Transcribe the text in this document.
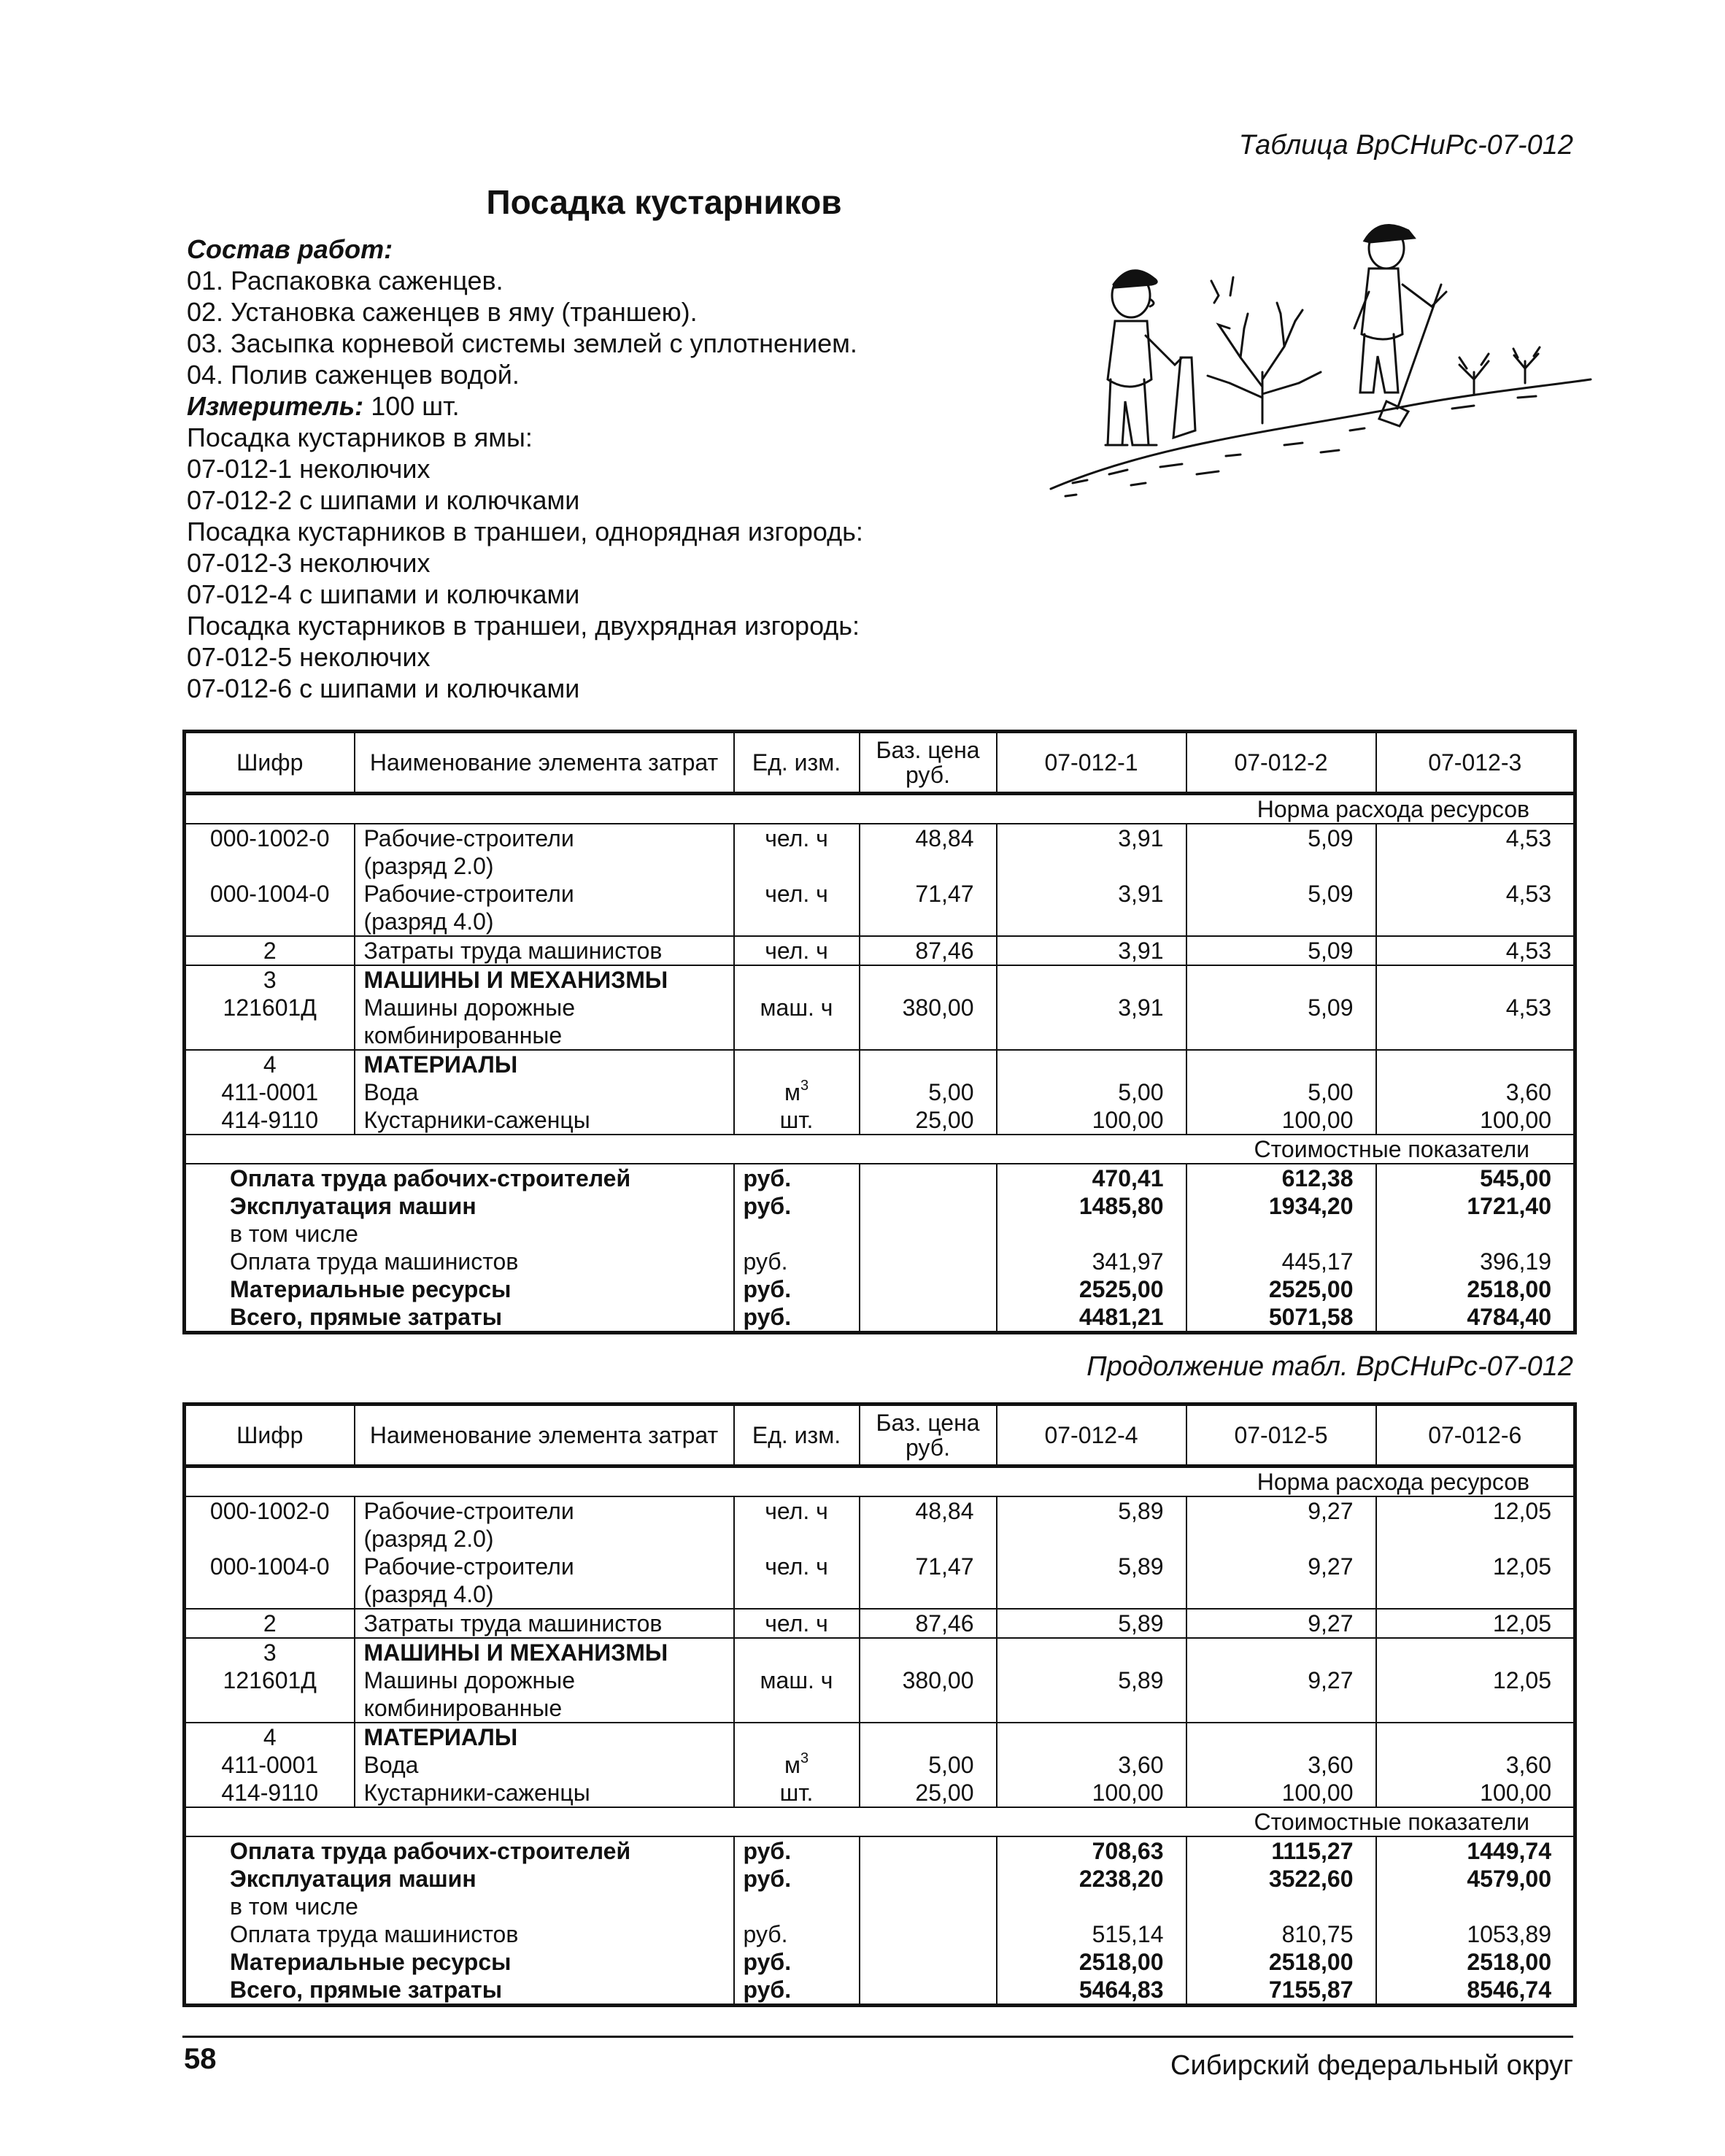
Таблица ВрСНиРс-07-012
Посадка кустарников
Состав работ:
01. Распаковка саженцев.
02. Установка саженцев в яму (траншею).
03. Засыпка корневой системы землей с уплотнением.
04. Полив саженцев водой.
Измеритель: 100 шт.
Посадка кустарников в ямы:
07-012-1 неколючих
07-012-2 с шипами и колючками
Посадка кустарников в траншеи, однорядная изгородь:
07-012-3 неколючих
07-012-4 с шипами и колючками
Посадка кустарников в траншеи, двухрядная изгородь:
07-012-5 неколючих
07-012-6 с шипами и колючками
Шифр	Наименование элемента затрат	Ед. изм.	Баз. цена руб.	07-012-1	07-012-2	07-012-3
Норма расхода ресурсов						
000-1002-0	Рабочие-строители
(разряд 2.0)	чел. ч	48,84	3,91	5,09	4,53
000-1004-0	Рабочие-строители
(разряд 4.0)	чел. ч	71,47	3,91	5,09	4,53
2	Затраты труда машинистов	чел. ч	87,46	3,91	5,09	4,53
3	МАШИНЫ И МЕХАНИЗМЫ					
121601Д	Машины дорожные
комбинированные	маш. ч	380,00	3,91	5,09	4,53
4	МАТЕРИАЛЫ					
411-0001	Вода	$м^3$	5,00	5,00	5,00	3,60
414-9110	Кустарники-саженцы	шт.	25,00	100,00	100,00	100,00
Стоимостные показатели						
Оплата труда рабочих-строителей		руб.		470,41	612,38	545,00
Эксплуатация машин		руб.		1485,80	1934,20	1721,40
в том числе						
Оплата труда машинистов		руб.		341,97	445,17	396,19
Материальные ресурсы		руб.		2525,00	2525,00	2518,00
Всего, прямые затраты		руб.		4481,21	5071,58	4784,40
Продолжение табл. ВрСНиРс-07-012
Шифр	Наименование элемента затрат	Ед. изм.	Баз. цена руб.	07-012-4	07-012-5	07-012-6
Норма расхода ресурсов						
000-1002-0	Рабочие-строители
(разряд 2.0)	чел. ч	48,84	5,89	9,27	12,05
000-1004-0	Рабочие-строители
(разряд 4.0)	чел. ч	71,47	5,89	9,27	12,05
2	Затраты труда машинистов	чел. ч	87,46	5,89	9,27	12,05
3	МАШИНЫ И МЕХАНИЗМЫ					
121601Д	Машины дорожные
комбинированные	маш. ч	380,00	5,89	9,27	12,05
4	МАТЕРИАЛЫ					
411-0001	Вода	$м^3$	5,00	3,60	3,60	3,60
414-9110	Кустарники-саженцы	шт.	25,00	100,00	100,00	100,00
Стоимостные показатели						
Оплата труда рабочих-строителей		руб.		708,63	1115,27	1449,74
Эксплуатация машин		руб.		2238,20	3522,60	4579,00
в том числе						
Оплата труда машинистов		руб.		515,14	810,75	1053,89
Материальные ресурсы		руб.		2518,00	2518,00	2518,00
Всего, прямые затраты		руб.		5464,83	7155,87	8546,74
58	Сибирский федеральный округ
